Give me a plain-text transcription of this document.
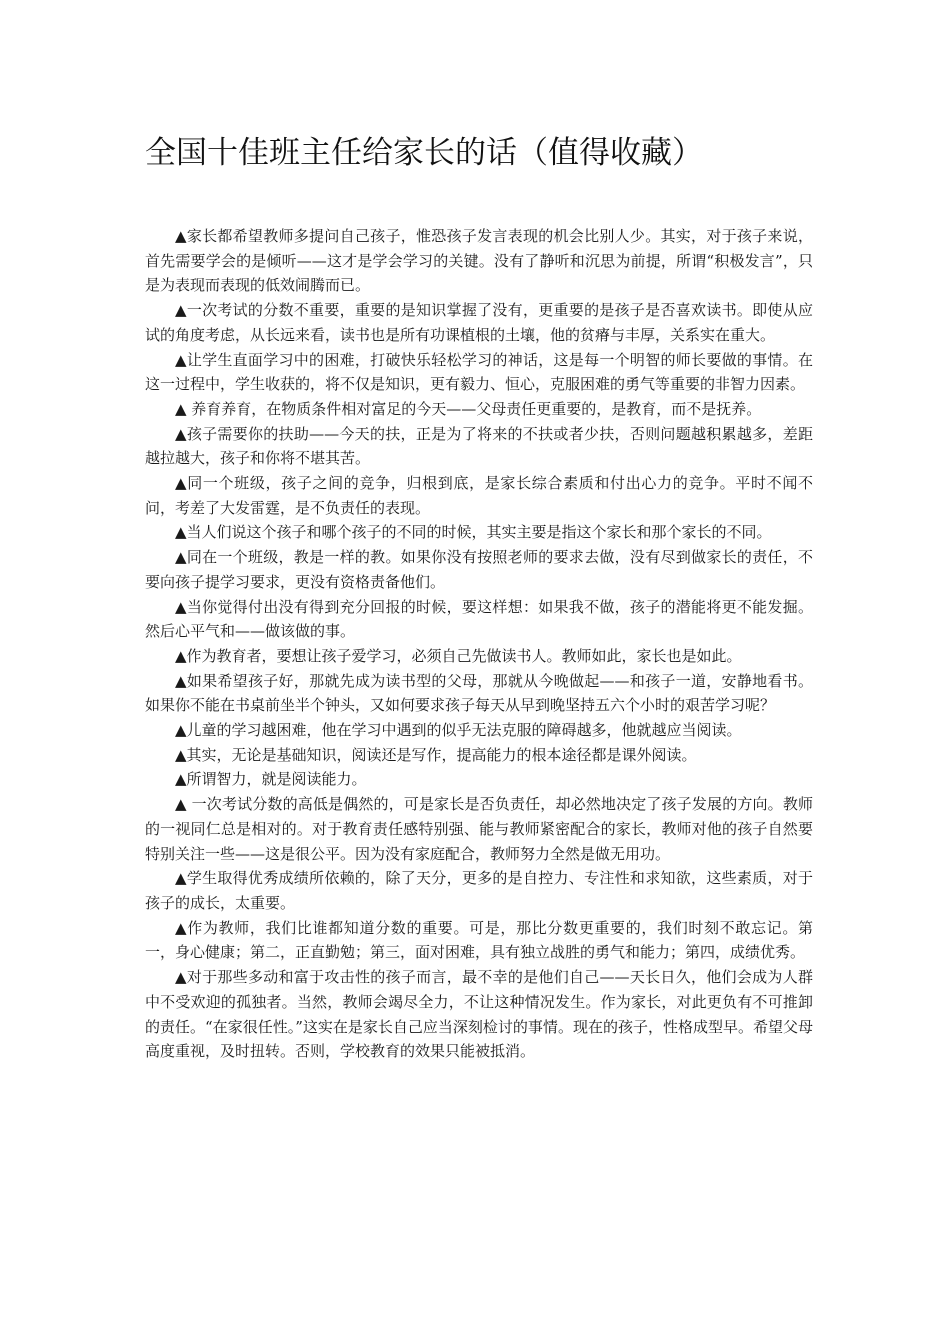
全国十佳班主任给家长的话（值得收藏）

▲家长都希望教师多提问自己孩子，惟恐孩子发言表现的机会比别人少。其实，对于孩子来说，首先需要学会的是倾听——这才是学会学习的关键。没有了静听和沉思为前提，所谓“积极发言”，只是为表现而表现的低效闹腾而已。

▲一次考试的分数不重要，重要的是知识掌握了没有，更重要的是孩子是否喜欢读书。即使从应试的角度考虑，从长远来看，读书也是所有功课植根的土壤，他的贫瘠与丰厚，关系实在重大。

▲让学生直面学习中的困难，打破快乐轻松学习的神话，这是每一个明智的师长要做的事情。在这一过程中，学生收获的，将不仅是知识，更有毅力、恒心，克服困难的勇气等重要的非智力因素。

▲ 养育养育，在物质条件相对富足的今天——父母责任更重要的，是教育，而不是抚养。

▲孩子需要你的扶助——今天的扶，正是为了将来的不扶或者少扶，否则问题越积累越多，差距越拉越大，孩子和你将不堪其苦。

▲同一个班级，孩子之间的竞争，归根到底，是家长综合素质和付出心力的竞争。平时不闻不问，考差了大发雷霆，是不负责任的表现。

▲当人们说这个孩子和哪个孩子的不同的时候，其实主要是指这个家长和那个家长的不同。

▲同在一个班级，教是一样的教。如果你没有按照老师的要求去做，没有尽到做家长的责任，不要向孩子提学习要求，更没有资格责备他们。

▲当你觉得付出没有得到充分回报的时候，要这样想：如果我不做，孩子的潜能将更不能发掘。然后心平气和——做该做的事。

▲作为教育者，要想让孩子爱学习，必须自己先做读书人。教师如此，家长也是如此。

▲如果希望孩子好，那就先成为读书型的父母，那就从今晚做起——和孩子一道，安静地看书。如果你不能在书桌前坐半个钟头，又如何要求孩子每天从早到晚坚持五六个小时的艰苦学习呢？

▲儿童的学习越困难，他在学习中遇到的似乎无法克服的障碍越多，他就越应当阅读。

▲其实，无论是基础知识，阅读还是写作，提高能力的根本途径都是课外阅读。

▲所谓智力，就是阅读能力。

▲ 一次考试分数的高低是偶然的，可是家长是否负责任，却必然地决定了孩子发展的方向。教师的一视同仁总是相对的。对于教育责任感特别强、能与教师紧密配合的家长，教师对他的孩子自然要特别关注一些——这是很公平。因为没有家庭配合，教师努力全然是做无用功。

▲学生取得优秀成绩所依赖的，除了天分，更多的是自控力、专注性和求知欲，这些素质，对于孩子的成长，太重要。

▲作为教师，我们比谁都知道分数的重要。可是，那比分数更重要的，我们时刻不敢忘记。第一，身心健康；第二，正直勤勉；第三，面对困难，具有独立战胜的勇气和能力；第四，成绩优秀。

▲对于那些多动和富于攻击性的孩子而言，最不幸的是他们自己——天长日久，他们会成为人群中不受欢迎的孤独者。当然，教师会竭尽全力，不让这种情况发生。作为家长，对此更负有不可推卸的责任。“在家很任性。”这实在是家长自己应当深刻检讨的事情。现在的孩子，性格成型早。希望父母高度重视，及时扭转。否则，学校教育的效果只能被抵消。
